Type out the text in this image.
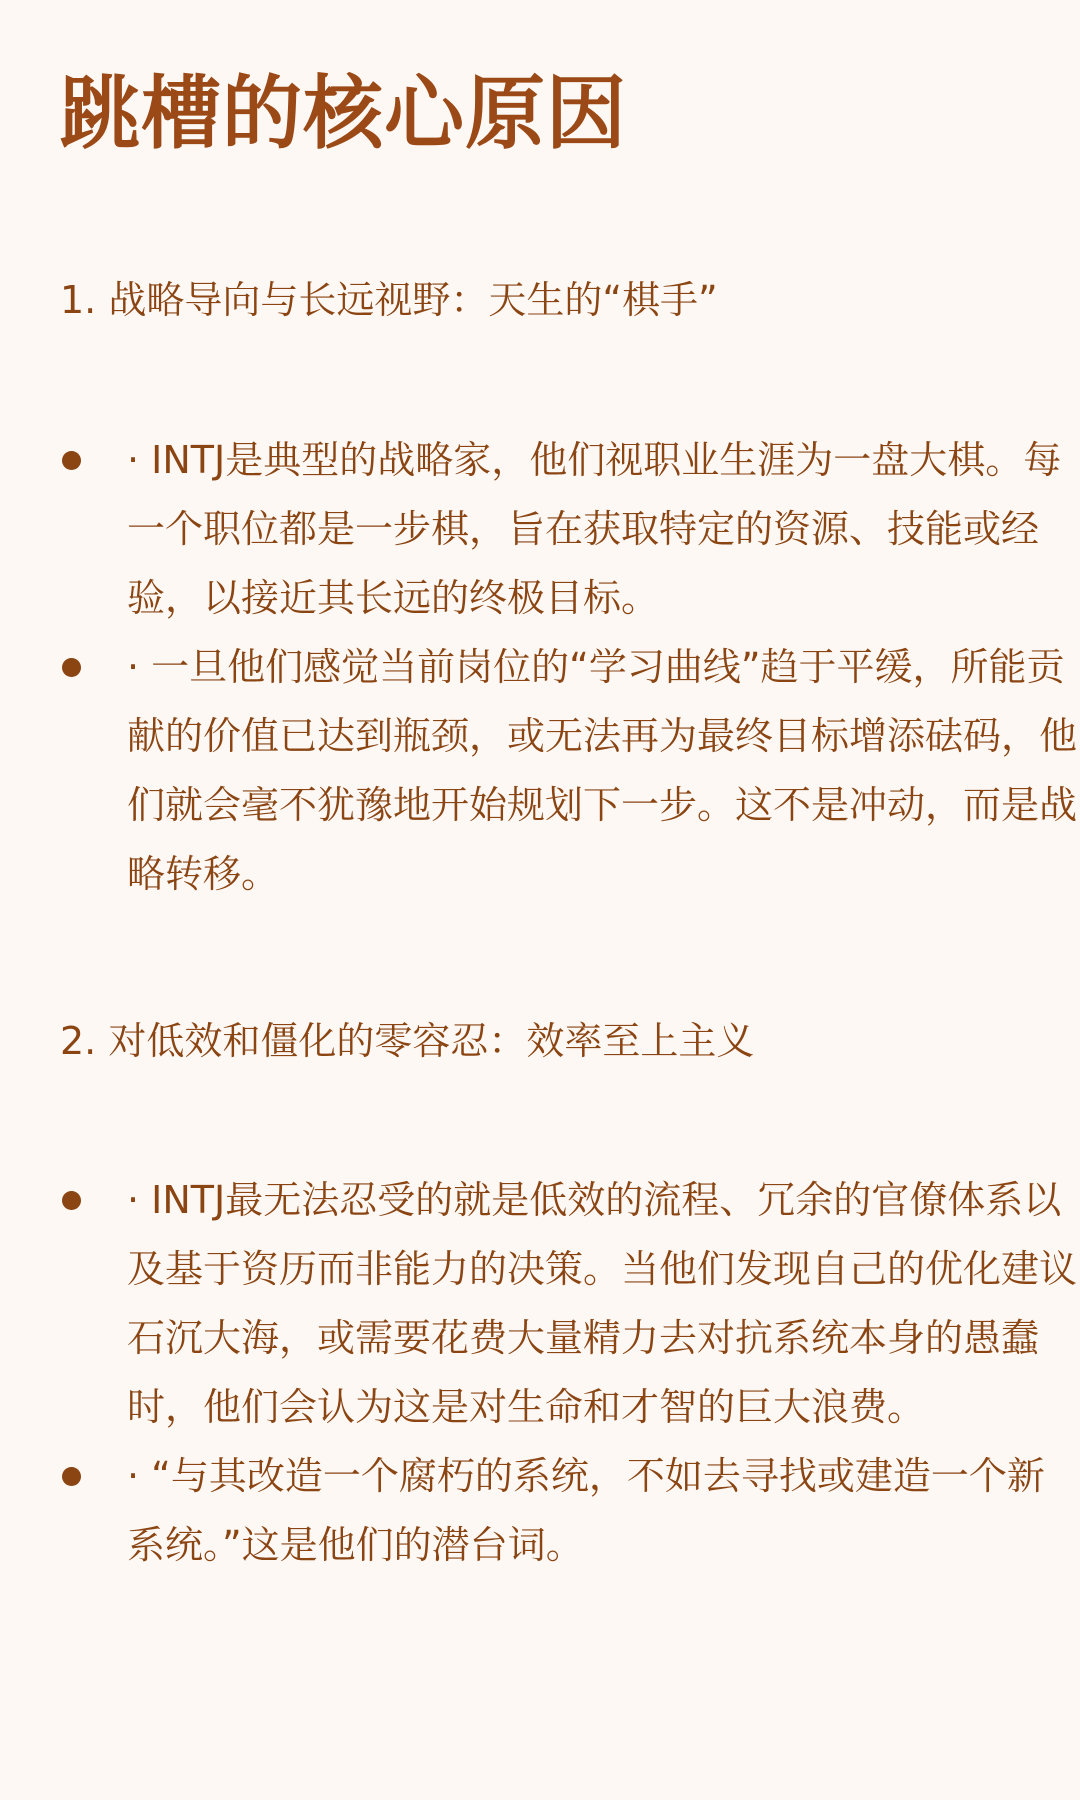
跳槽的核心原因
1. 战略导向与长远视野：天生的“棋手”
· INTJ是典型的战略家，他们视职业生涯为一盘大棋。每一个职位都是一步棋，旨在获取特定的资源、技能或经验，以接近其长远的终极目标。
· 一旦他们感觉当前岗位的“学习曲线”趋于平缓，所能贡献的价值已达到瓶颈，或无法再为最终目标增添砝码，他们就会毫不犹豫地开始规划下一步。这不是冲动，而是战略转移。
2. 对低效和僵化的零容忍：效率至上主义
· INTJ最无法忍受的就是低效的流程、冗余的官僚体系以及基于资历而非能力的决策。当他们发现自己的优化建议石沉大海，或需要花费大量精力去对抗系统本身的愚蠢时，他们会认为这是对生命和才智的巨大浪费。
· “与其改造一个腐朽的系统，不如去寻找或建造一个新系统。”这是他们的潜台词。
